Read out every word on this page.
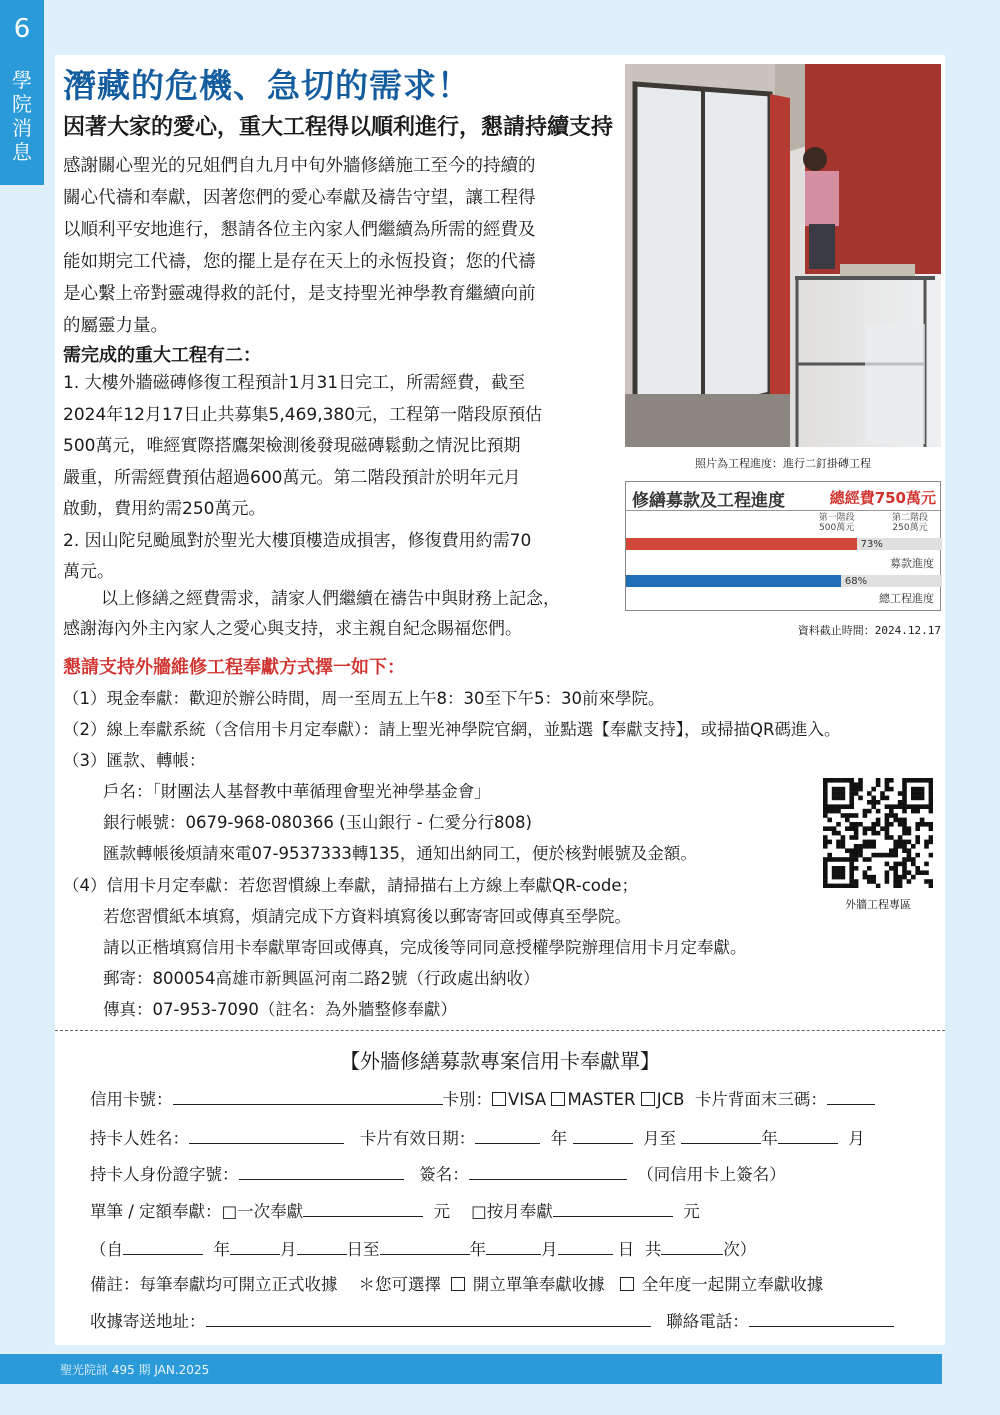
6
學
院
消
息
潛藏的危機、急切的需求！
因著大家的愛心，重大工程得以順利進行，懇請持續支持
感謝關心聖光的兄姐們自九月中旬外牆修繕施工至今的持續的
關心代禱和奉獻，因著您們的愛心奉獻及禱告守望，讓工程得
以順利平安地進行，懇請各位主內家人們繼續為所需的經費及
能如期完工代禱，您的擺上是存在天上的永恆投資；您的代禱
是心繫上帝對靈魂得救的託付，是支持聖光神學教育繼續向前
的屬靈力量。
需完成的重大工程有二：

1. 大樓外牆磁磚修復工程預計1月31日完工，所需經費，截至

2024年12月17日止共募集5,469,380元，工程第一階段原預估

500萬元，唯經實際搭鷹架檢測後發現磁磚鬆動之情況比預期

嚴重，所需經費預估超過600萬元。第二階段預計於明年元月

啟動，費用約需250萬元。

2. 因山陀兒颱風對於聖光大樓頂樓造成損害，修復費用約需70

萬元。

以上修繕之經費需求，請家人們繼續在禱告中與財務上記念，

感謝海內外主內家人之愛心與支持，求主親自紀念賜福您們。

照片為工程進度：進行二釘掛磚工程
修繕募款及工程進度	總經費750萬元
第一階段
500萬元
第二階段
250萬元
73%
募款進度
68%
總工程進度
資料截止時間：2024.12.17
懇請支持外牆維修工程奉獻方式擇一如下：
（1）現金奉獻：歡迎於辦公時間，周一至周五上午8：30至下午5：30前來學院。
（2）線上奉獻系統（含信用卡月定奉獻）：請上聖光神學院官網，並點選【奉獻支持】，或掃描QR碼進入。
（3）匯款、轉帳：
戶名：「財團法人基督教中華循理會聖光神學基金會」
銀行帳號：0679-968-080366 (玉山銀行 - 仁愛分行808)
匯款轉帳後煩請來電07-9537333轉135，通知出納同工，便於核對帳號及金額。
（4）信用卡月定奉獻：若您習慣線上奉獻，請掃描右上方線上奉獻QR-code；
若您習慣紙本填寫，煩請完成下方資料填寫後以郵寄寄回或傳真至學院。
請以正楷填寫信用卡奉獻單寄回或傳真，完成後等同同意授權學院辦理信用卡月定奉獻。
郵寄：800054高雄市新興區河南二路2號（行政處出納收）
傳真：07-953-7090（註名：為外牆整修奉獻）
外牆工程專區
【外牆修繕募款專案信用卡奉獻單】
信用卡號：	卡別： VISA MASTER JCB 卡片背面末三碼：
持卡人姓名：	卡片有效日期：	年	月至	年	月
持卡人身份證字號：	簽名：	（同信用卡上簽名）
單筆 / 定額奉獻：□一次奉獻	元 □按月奉獻	元
（自	年	月	日至	年	月	日 共	次）
備註：每筆奉獻均可開立正式收據 ＊您可選擇 開立單筆奉獻收據 全年度一起開立奉獻收據
收據寄送地址：	聯絡電話：
聖光院訊 495 期 JAN.2025
